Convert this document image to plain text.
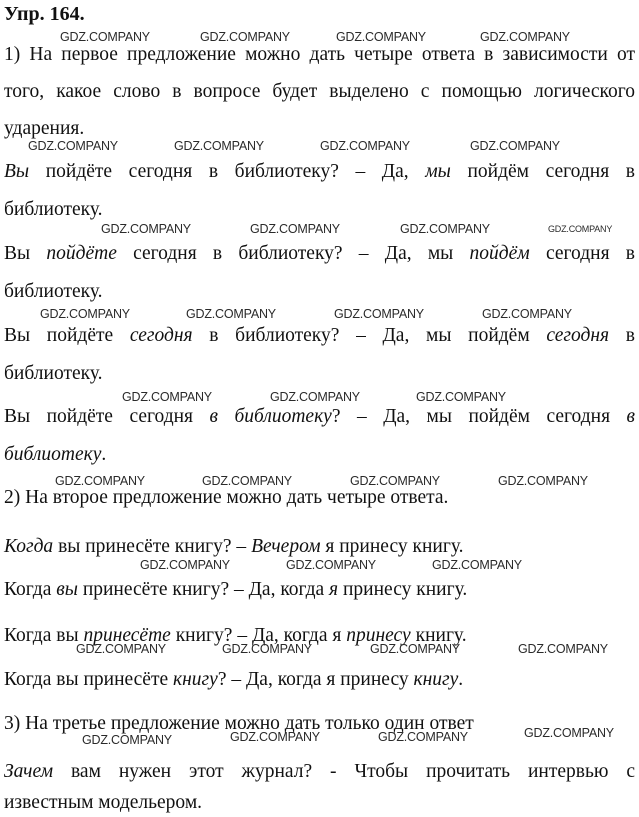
Упр. 164.
1) На первое предложение можно дать четыре ответа в зависимости от
того, какое слово в вопросе будет выделено с помощью логического
ударения.
Вы пойдёте сегодня в библиотеку? – Да, мы пойдём сегодня в
библиотеку.
Вы пойдёте сегодня в библиотеку? – Да, мы пойдём сегодня в
библиотеку.
Вы пойдёте сегодня в библиотеку? – Да, мы пойдём сегодня в
библиотеку.
Вы пойдёте сегодня в библиотеку? – Да, мы пойдём сегодня в
библиотеку.
2) На второе предложение можно дать четыре ответа.
Когда вы принесёте книгу? – Вечером я принесу книгу.
Когда вы принесёте книгу? – Да, когда я принесу книгу.
Когда вы принесёте книгу? – Да, когда я принесу книгу.
Когда вы принесёте книгу? – Да, когда я принесу книгу.
3) На третье предложение можно дать только один ответ
Зачем вам нужен этот журнал? - Чтобы прочитать интервью с
известным модельером.
GDZ.COMPANY	GDZ.COMPANY	GDZ.COMPANY	GDZ.COMPANY
GDZ.COMPANY	GDZ.COMPANY	GDZ.COMPANY	GDZ.COMPANY
GDZ.COMPANY	GDZ.COMPANY	GDZ.COMPANY	GDZ.COMPANY
GDZ.COMPANY	GDZ.COMPANY	GDZ.COMPANY	GDZ.COMPANY
GDZ.COMPANY	GDZ.COMPANY	GDZ.COMPANY
GDZ.COMPANY	GDZ.COMPANY	GDZ.COMPANY	GDZ.COMPANY
GDZ.COMPANY	GDZ.COMPANY	GDZ.COMPANY
GDZ.COMPANY	GDZ.COMPANY	GDZ.COMPANY	GDZ.COMPANY
GDZ.COMPANY	GDZ.COMPANY	GDZ.COMPANY	GDZ.COMPANY
